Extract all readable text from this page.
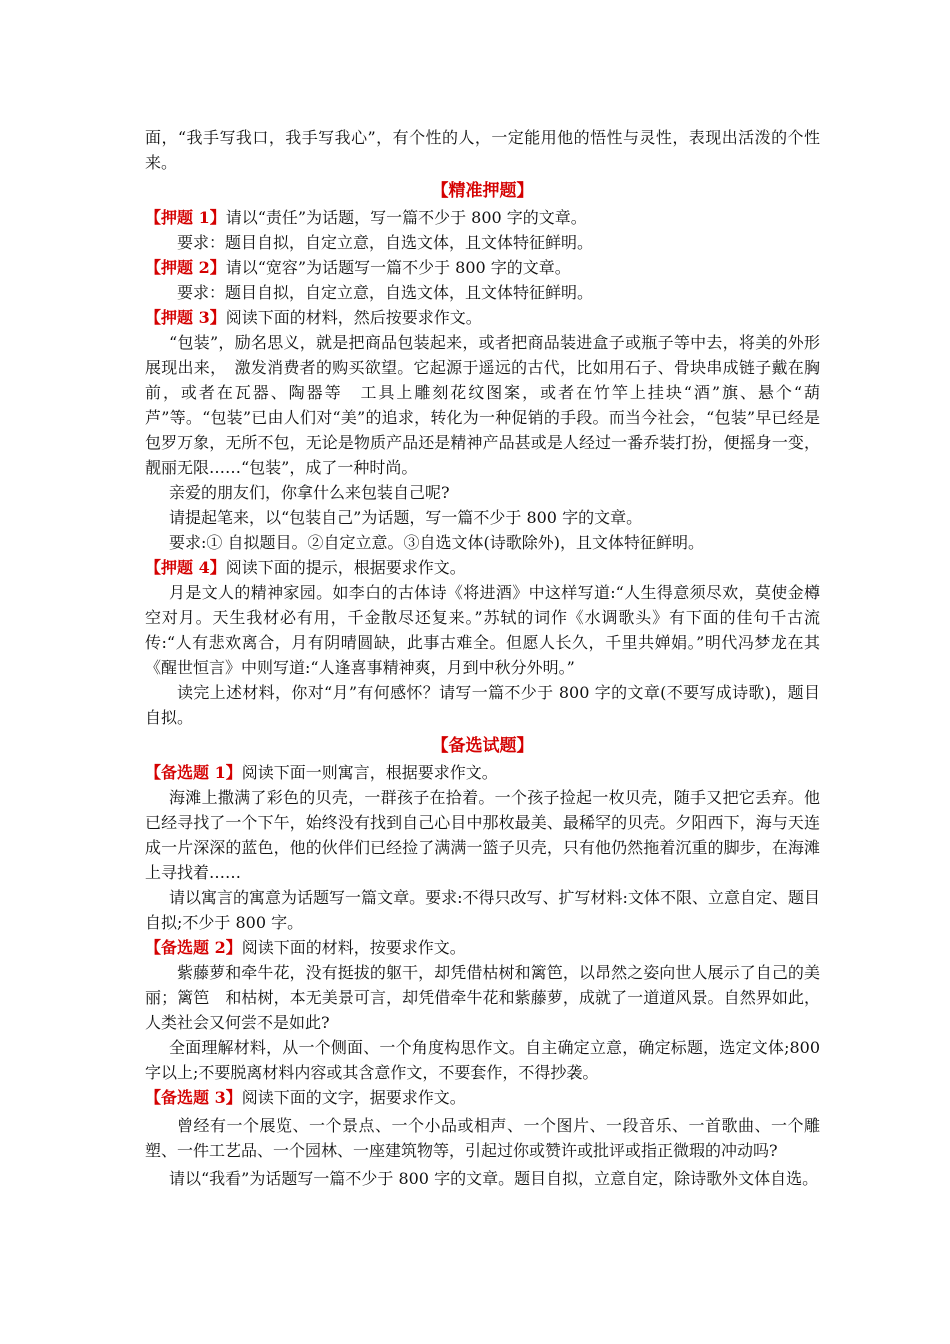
面，“我手写我口，我手写我心”，有个性的人，一定能用他的悟性与灵性，表现出活泼的个性来。

【精准押题】

【押题 1】请以“责任”为话题，写一篇不少于 800 字的文章。

要求：题目自拟，自定立意，自选文体，且文体特征鲜明。

【押题 2】请以“宽容”为话题写一篇不少于 800 字的文章。

要求：题目自拟，自定立意，自选文体，且文体特征鲜明。

【押题 3】阅读下面的材料，然后按要求作文。

“包装”，励名思义，就是把商品包装起来，或者把商品装进盒子或瓶子等中去，将美的外形展现出来，　激发消费者的购买欲望。它起源于遥远的古代，比如用石子、骨块串成链子戴在胸前，或者在瓦器、陶器等　工具上雕刻花纹图案，或者在竹竿上挂块“酒”旗、悬个“葫芦”等。“包装”已由人们对“美”的追求，转化为一种促销的手段。而当今社会，“包装”早已经是包罗万象，无所不包，无论是物质产品还是精神产品甚或是人经过一番乔装打扮，便摇身一变，靓丽无限……“包装”，成了一种时尚。

亲爱的朋友们，你拿什么来包装自己呢?

请提起笔来，以“包装自己”为话题，写一篇不少于 800 字的文章。

要求:① 自拟题目。②自定立意。③自选文体(诗歌除外)，且文体特征鲜明。

【押题 4】阅读下面的提示，根据要求作文。

月是文人的精神家园。如李白的古体诗《将进酒》中这样写道:“人生得意须尽欢，莫使金樽空对月。天生我材必有用，千金散尽还复来。”苏轼的词作《水调歌头》有下面的佳句千古流传:“人有悲欢离合，月有阴晴圆缺，此事古难全。但愿人长久，千里共婵娟。”明代冯梦龙在其《醒世恒言》中则写道:“人逢喜事精神爽，月到中秋分外明。”

读完上述材料，你对“月”有何感怀？请写一篇不少于 800 字的文章(不要写成诗歌)，题目自拟。

【备选试题】

【备选题 1】阅读下面一则寓言，根据要求作文。

海滩上撒满了彩色的贝壳，一群孩子在拾着。一个孩子捡起一枚贝壳，随手又把它丢弃。他已经寻找了一个下午，始终没有找到自己心目中那枚最美、最稀罕的贝壳。夕阳西下，海与天连成一片深深的蓝色，他的伙伴们已经捡了满满一篮子贝壳，只有他仍然拖着沉重的脚步，在海滩上寻找着……

请以寓言的寓意为话题写一篇文章。要求:不得只改写、扩写材料:文体不限、立意自定、题目自拟;不少于 800 字。

【备选题 2】阅读下面的材料，按要求作文。

紫藤萝和牵牛花，没有挺拔的躯干，却凭借枯树和篱笆，以昂然之姿向世人展示了自己的美丽；篱笆　和枯树，本无美景可言，却凭借牵牛花和紫藤萝，成就了一道道风景。自然界如此，人类社会又何尝不是如此?

全面理解材料，从一个侧面、一个角度构思作文。自主确定立意，确定标题，选定文体;800 字以上;不要脱离材料内容或其含意作文，不要套作，不得抄袭。

【备选题 3】阅读下面的文字，据要求作文。

曾经有一个展览、一个景点、一个小品或相声、一个图片、一段音乐、一首歌曲、一个雕塑、一件工艺品、一个园林、一座建筑物等，引起过你或赞许或批评或指正微瑕的冲动吗?

请以“我看”为话题写一篇不少于 800 字的文章。题目自拟，立意自定，除诗歌外文体自选。
